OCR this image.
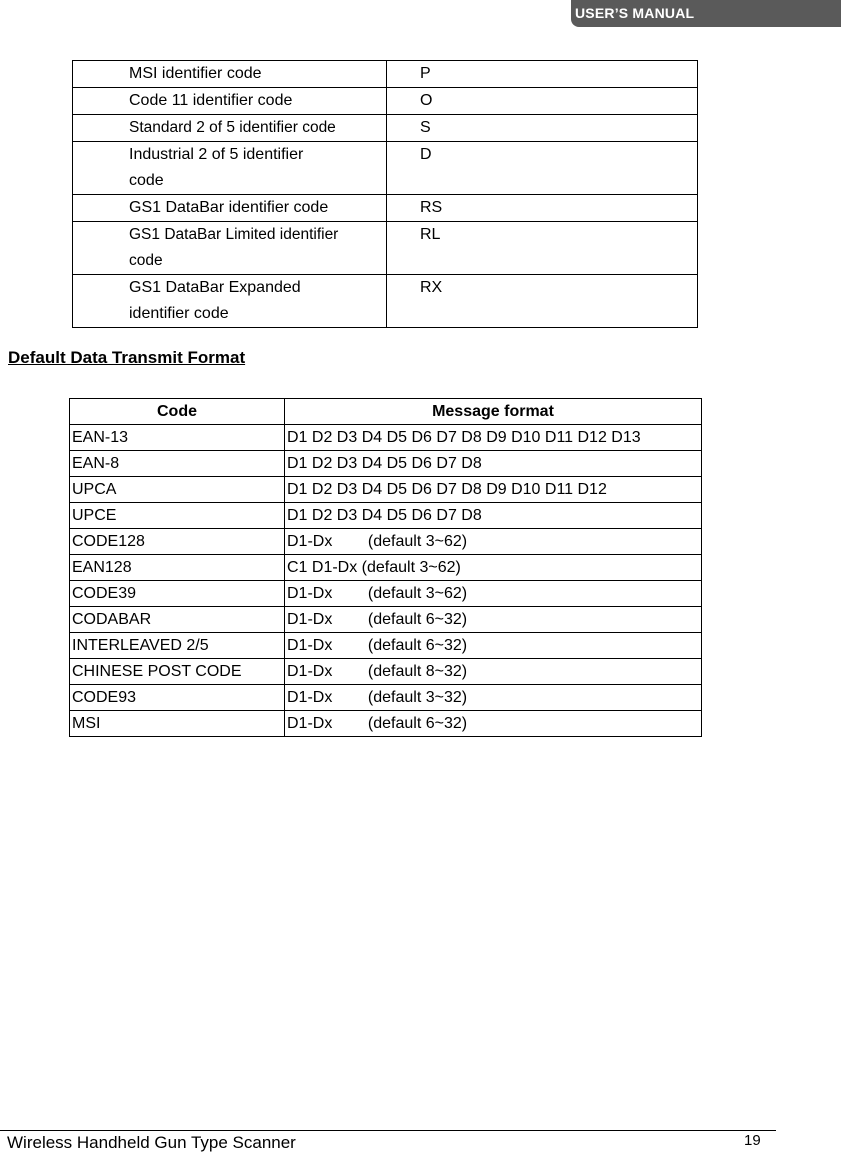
USER’S MANUAL
MSI identifier code	P
Code 11 identifier code	O
Standard 2 of 5 identifier code	S

Industrial 2 of 5 identifier
code	D
GS1 DataBar identifier code	RS

GS1 DataBar Limited identifier
code	RL

GS1 DataBar Expanded
identifier code	RX
Default Data Transmit Format
Code	Message format
EAN-13	D1 D2 D3 D4 D5 D6 D7 D8 D9 D10 D11 D12 D13
EAN-8	D1 D2 D3 D4 D5 D6 D7 D8
UPCA	D1 D2 D3 D4 D5 D6 D7 D8 D9 D10 D11 D12
UPCE	D1 D2 D3 D4 D5 D6 D7 D8
CODE128	D1-Dx        (default 3~62)
EAN128	C1 D1-Dx (default 3~62)
CODE39	D1-Dx        (default 3~62)
CODABAR	D1-Dx        (default 6~32)
INTERLEAVED 2/5	D1-Dx        (default 6~32)
CHINESE POST CODE	D1-Dx        (default 8~32)
CODE93	D1-Dx        (default 3~32)
MSI	D1-Dx        (default 6~32)
Wireless Handheld Gun Type Scanner	19
